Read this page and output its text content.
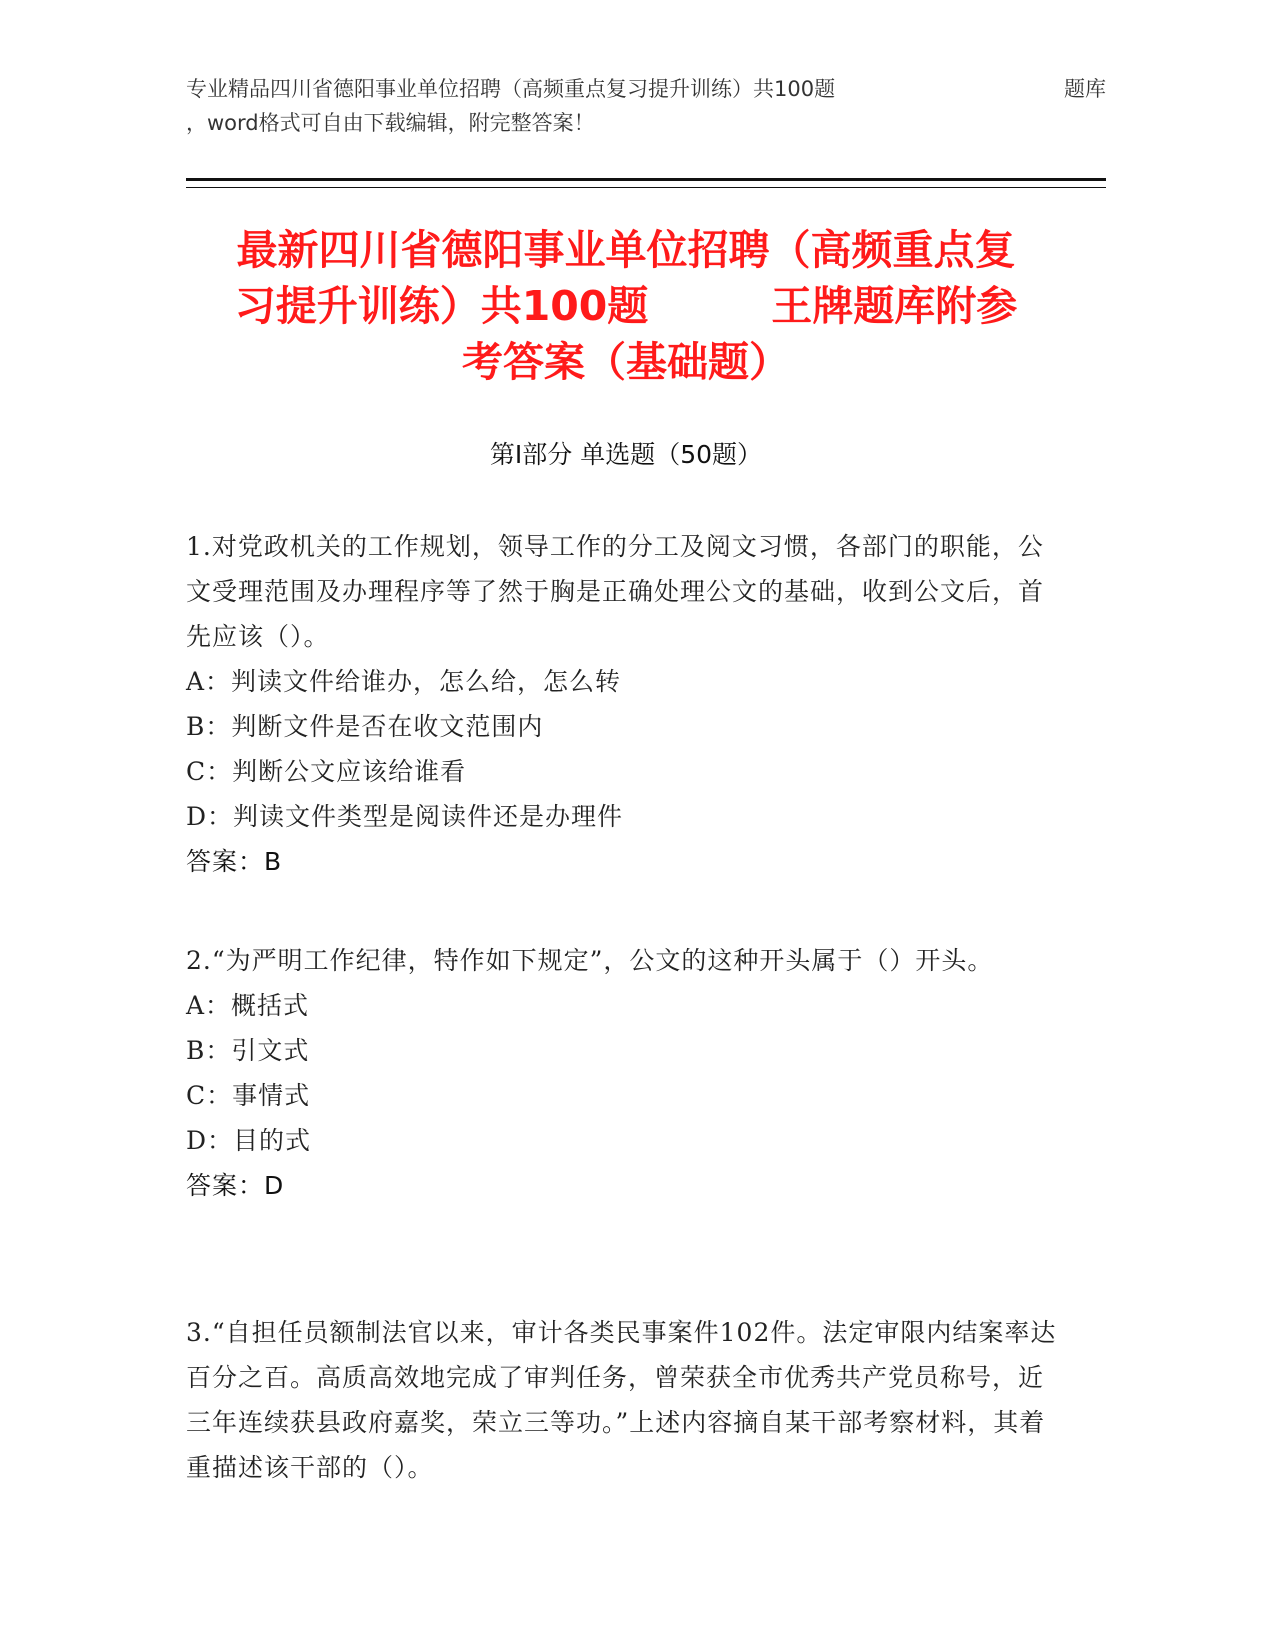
专业精品四川省德阳事业单位招聘（高频重点复习提升训练）共100题	题库
，word格式可自由下载编辑，附完整答案！
最新四川省德阳事业单位招聘（高频重点复
习提升训练）共100题　　　王牌题库附参
考答案（基础题）
第Ⅰ部分 单选题（50题）

1.对党政机关的工作规划，领导工作的分工及阅文习惯，各部门的职能，公文受理范围及办理程序等了然于胸是正确处理公文的基础，收到公文后，首先应该（）。

A：判读文件给谁办，怎么给，怎么转

B：判断文件是否在收文范围内

C：判断公文应该给谁看

D：判读文件类型是阅读件还是办理件

答案：B

2.“为严明工作纪律，特作如下规定”，公文的这种开头属于（）开头。

A：概括式

B：引文式

C：事情式

D：目的式

答案：D

3.“自担任员额制法官以来，审计各类民事案件102件。法定审限内结案率达百分之百。高质高效地完成了审判任务，曾荣获全市优秀共产党员称号，近三年连续获县政府嘉奖，荣立三等功。”上述内容摘自某干部考察材料，其着重描述该干部的（）。
